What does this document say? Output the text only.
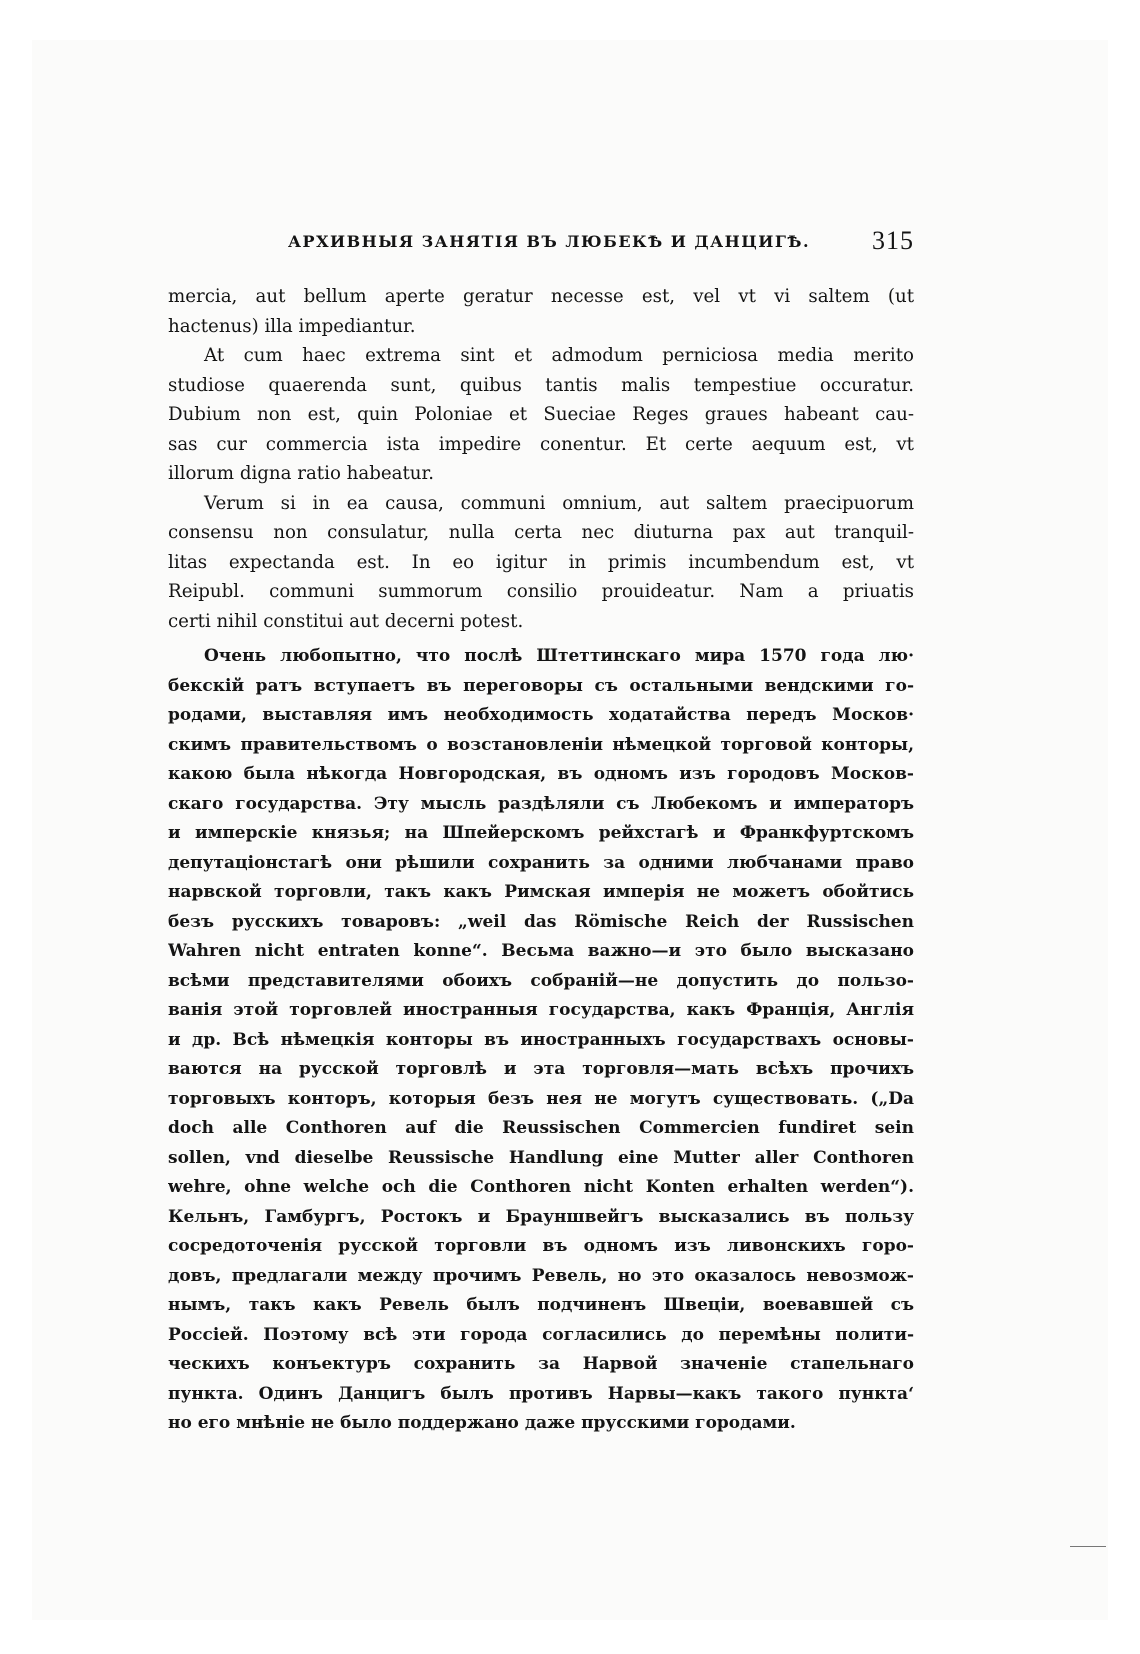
АРХИВНЫЯ ЗАНЯТІЯ ВЪ ЛЮБЕКѢ И ДАНЦИГѢ. 315
mercia, aut bellum aperte geratur necesse est, vel vt vi saltem (ut
hactenus) illa impediantur.
At cum haec extrema sint et admodum perniciosa media merito
studiose quaerenda sunt, quibus tantis malis tempestiue occuratur.
Dubium non est, quin Poloniae et Sueciae Reges graues habeant cau-
sas cur commercia ista impedire conentur. Et certe aequum est, vt
illorum digna ratio habeatur.
Verum si in ea causa, communi omnium, aut saltem praecipuorum
consensu non consulatur, nulla certa nec diuturna pax aut tranquil-
litas expectanda est. In eo igitur in primis incumbendum est, vt
Reipubl. communi summorum consilio prouideatur. Nam a priuatis
certi nihil constitui aut decerni potest.
Очень любопытно, что послѣ Штеттинскаго мира 1570 года лю·
бекскій ратъ вступаетъ въ переговоры съ остальными вендскими го-
родами, выставляя имъ необходимость ходатайства передъ Москов·
скимъ правительствомъ о возстановленіи нѣмецкой торговой конторы,
какою была нѣкогда Новгородская, въ одномъ изъ городовъ Москов-
скаго государства. Эту мысль раздѣляли съ Любекомъ и императоръ
и имперскіе князья; на Шпейерскомъ рейхстагѣ и Франкфуртскомъ
депутаціонстагѣ они рѣшили сохранить за одними любчанами право
нарвской торговли, такъ какъ Римская имперія не можетъ обойтись
безъ русскихъ товаровъ: „weil das Römische Reich der Russischen
Wahren nicht entraten konne“. Весьма важно—и это было высказано
всѣми представителями обоихъ собраній—не допустить до пользо-
ванія этой торговлей иностранныя государства, какъ Франція, Англія
и др. Всѣ нѣмецкія конторы въ иностранныхъ государствахъ основы-
ваются на русской торговлѣ и эта торговля—мать всѣхъ прочихъ
торговыхъ конторъ, которыя безъ нея не могутъ существовать. („Da
doch alle Conthoren auf die Reussischen Commercien fundiret sein
sollen, vnd dieselbe Reussische Handlung eine Mutter aller Conthoren
wehre, ohne welche och die Conthoren nicht Konten erhalten werden“).
Кельнъ, Гамбургъ, Ростокъ и Брауншвейгъ высказались въ пользу
сосредоточенія русской торговли въ одномъ изъ ливонскихъ горо-
довъ, предлагали между прочимъ Ревель, но это оказалось невозмож-
нымъ, такъ какъ Ревель былъ подчиненъ Швеціи, воевавшей съ
Россіей. Поэтому всѣ эти города согласились до перемѣны полити-
ческихъ конъектуръ сохранить за Нарвой значеніе стапельнаго
пункта. Одинъ Данцигъ былъ противъ Нарвы—какъ такого пункта‘
но его мнѣніе не было поддержано даже прусскими городами.
